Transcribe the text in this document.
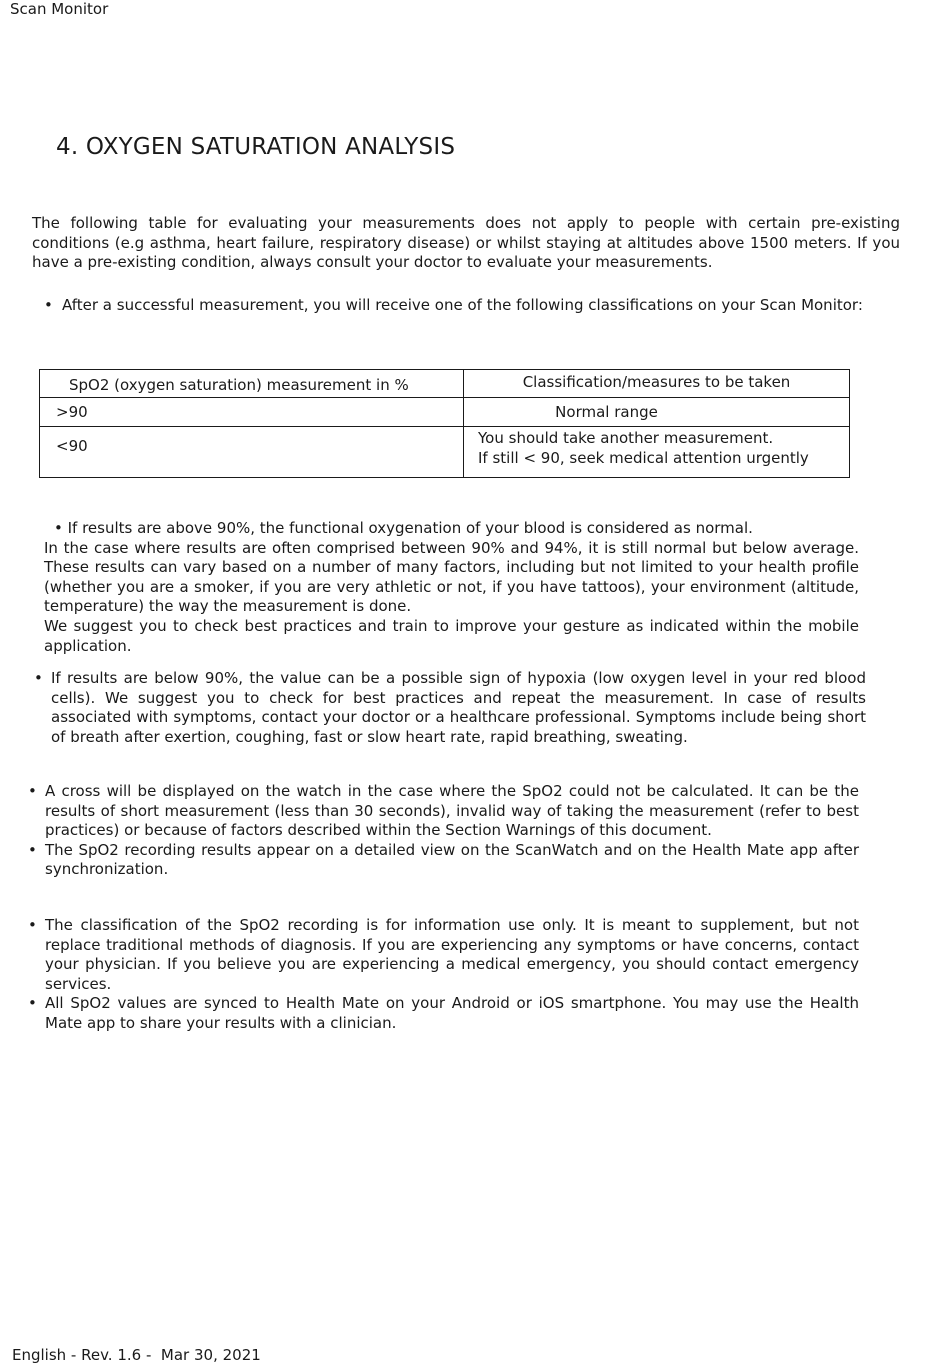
Scan Monitor
4. OXYGEN SATURATION ANALYSIS

The following table for evaluating your measurements does not apply to people with certain pre-existing conditions (e.g asthma, heart failure, respiratory disease) or whilst staying at altitudes above 1500 meters. If you have a pre-existing condition, always consult your doctor to evaluate your measurements.

• After a successful measurement, you will receive one of the following classifications on your Scan Monitor:
SpO2 (oxygen saturation) measurement in %	Classification/measures to be taken
>90	Normal range
<90	You should take another measurement.
If still < 90, seek medical attention urgently
• If results are above 90%, the functional oxygenation of your blood is considered as normal.
In the case where results are often comprised between 90% and 94%, it is still normal but below average. These results can vary based on a number of many factors, including but not limited to your health profile (whether you are a smoker, if you are very athletic or not, if you have tattoos), your environment (altitude, temperature) the way the measurement is done.
We suggest you to check best practices and train to improve your gesture as indicated within the mobile application.
• If results are below 90%, the value can be a possible sign of hypoxia (low oxygen level in your red blood cells). We suggest you to check for best practices and repeat the measurement. In case of results associated with symptoms, contact your doctor or a healthcare professional. Symptoms include being short of breath after exertion, coughing, fast or slow heart rate, rapid breathing, sweating.
• A cross will be displayed on the watch in the case where the SpO2 could not be calculated. It can be the results of short measurement (less than 30 seconds), invalid way of taking the measurement (refer to best practices) or because of factors described within the Section Warnings of this document.
• The SpO2 recording results appear on a detailed view on the ScanWatch and on the Health Mate app after synchronization.
• The classification of the SpO2 recording is for information use only. It is meant to supplement, but not replace traditional methods of diagnosis. If you are experiencing any symptoms or have concerns, contact your physician. If you believe you are experiencing a medical emergency, you should contact emergency services.
• All SpO2 values are synced to Health Mate on your Android or iOS smartphone. You may use the Health Mate app to share your results with a clinician.
English - Rev. 1.6 -  Mar 30, 2021
